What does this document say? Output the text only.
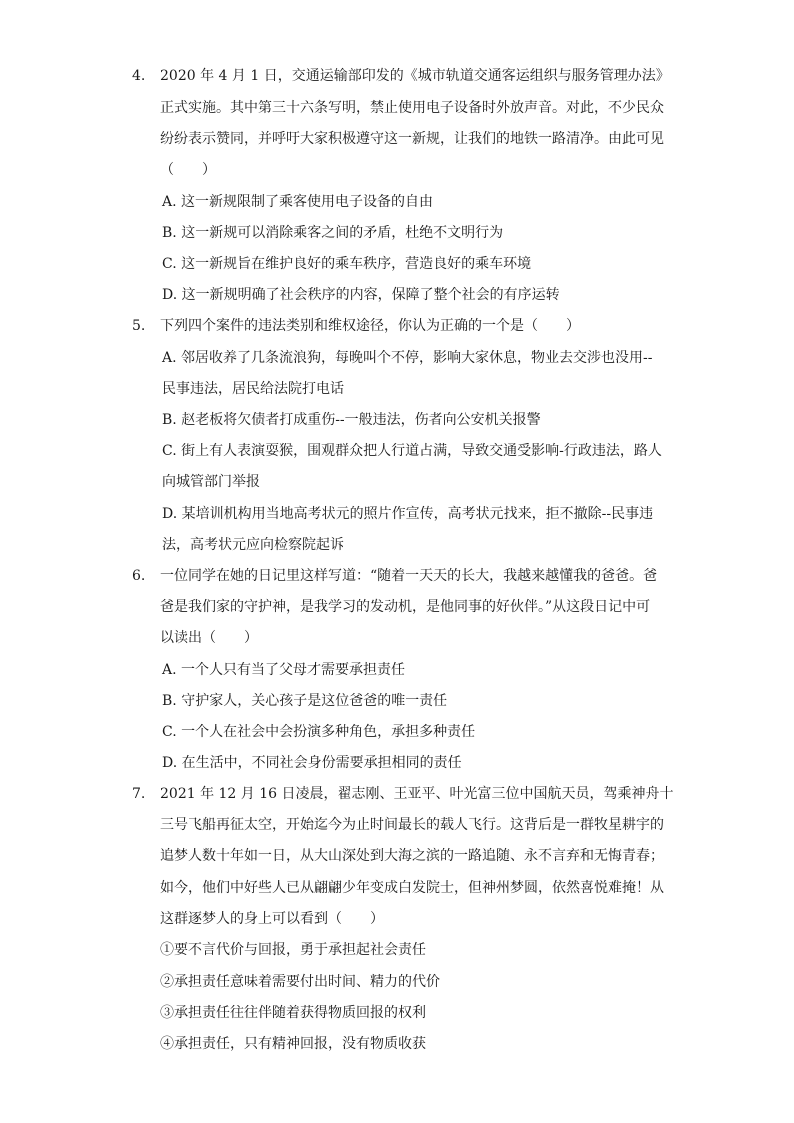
4.	2020 年 4 月 1 日，交通运输部印发的《城市轨道交通客运组织与服务管理办法》
正式实施。其中第三十六条写明，禁止使用电子设备时外放声音。对此，不少民众
纷纷表示赞同，并呼吁大家积极遵守这一新规，让我们的地铁一路清净。由此可见
（　　）
A. 这一新规限制了乘客使用电子设备的自由
B. 这一新规可以消除乘客之间的矛盾，杜绝不文明行为
C. 这一新规旨在维护良好的乘车秩序，营造良好的乘车环境
D. 这一新规明确了社会秩序的内容，保障了整个社会的有序运转
5.	下列四个案件的违法类别和维权途径，你认为正确的一个是（　　）
A. 邻居收养了几条流浪狗，每晚叫个不停，影响大家休息，物业去交涉也没用--
民事违法，居民给法院打电话
B. 赵老板将欠债者打成重伤--一般违法，伤者向公安机关报警
C. 街上有人表演耍猴，围观群众把人行道占满，导致交通受影响-行政违法，路人
向城管部门举报
D. 某培训机构用当地高考状元的照片作宣传，高考状元找来，拒不撤除--民事违
法，高考状元应向检察院起诉
6.	一位同学在她的日记里这样写道：“随着一天天的长大，我越来越懂我的爸爸。爸
爸是我们家的守护神，是我学习的发动机，是他同事的好伙伴。”从这段日记中可
以读出（　　）
A. 一个人只有当了父母才需要承担责任
B. 守护家人，关心孩子是这位爸爸的唯一责任
C. 一个人在社会中会扮演多种角色，承担多种责任
D. 在生活中，不同社会身份需要承担相同的责任
7.	2021 年 12 月 16 日凌晨，翟志刚、王亚平、叶光富三位中国航天员，驾乘神舟十
三号飞船再征太空，开始迄今为止时间最长的载人飞行。这背后是一群牧星耕宇的
追梦人数十年如一日，从大山深处到大海之滨的一路追随、永不言弃和无悔青春；
如今，他们中好些人已从翩翩少年变成白发院士，但神州梦圆，依然喜悦难掩！从
这群逐梦人的身上可以看到（　　）
①要不言代价与回报，勇于承担起社会责任
②承担责任意味着需要付出时间、精力的代价
③承担责任往往伴随着获得物质回报的权利
④承担责任，只有精神回报，没有物质收获
